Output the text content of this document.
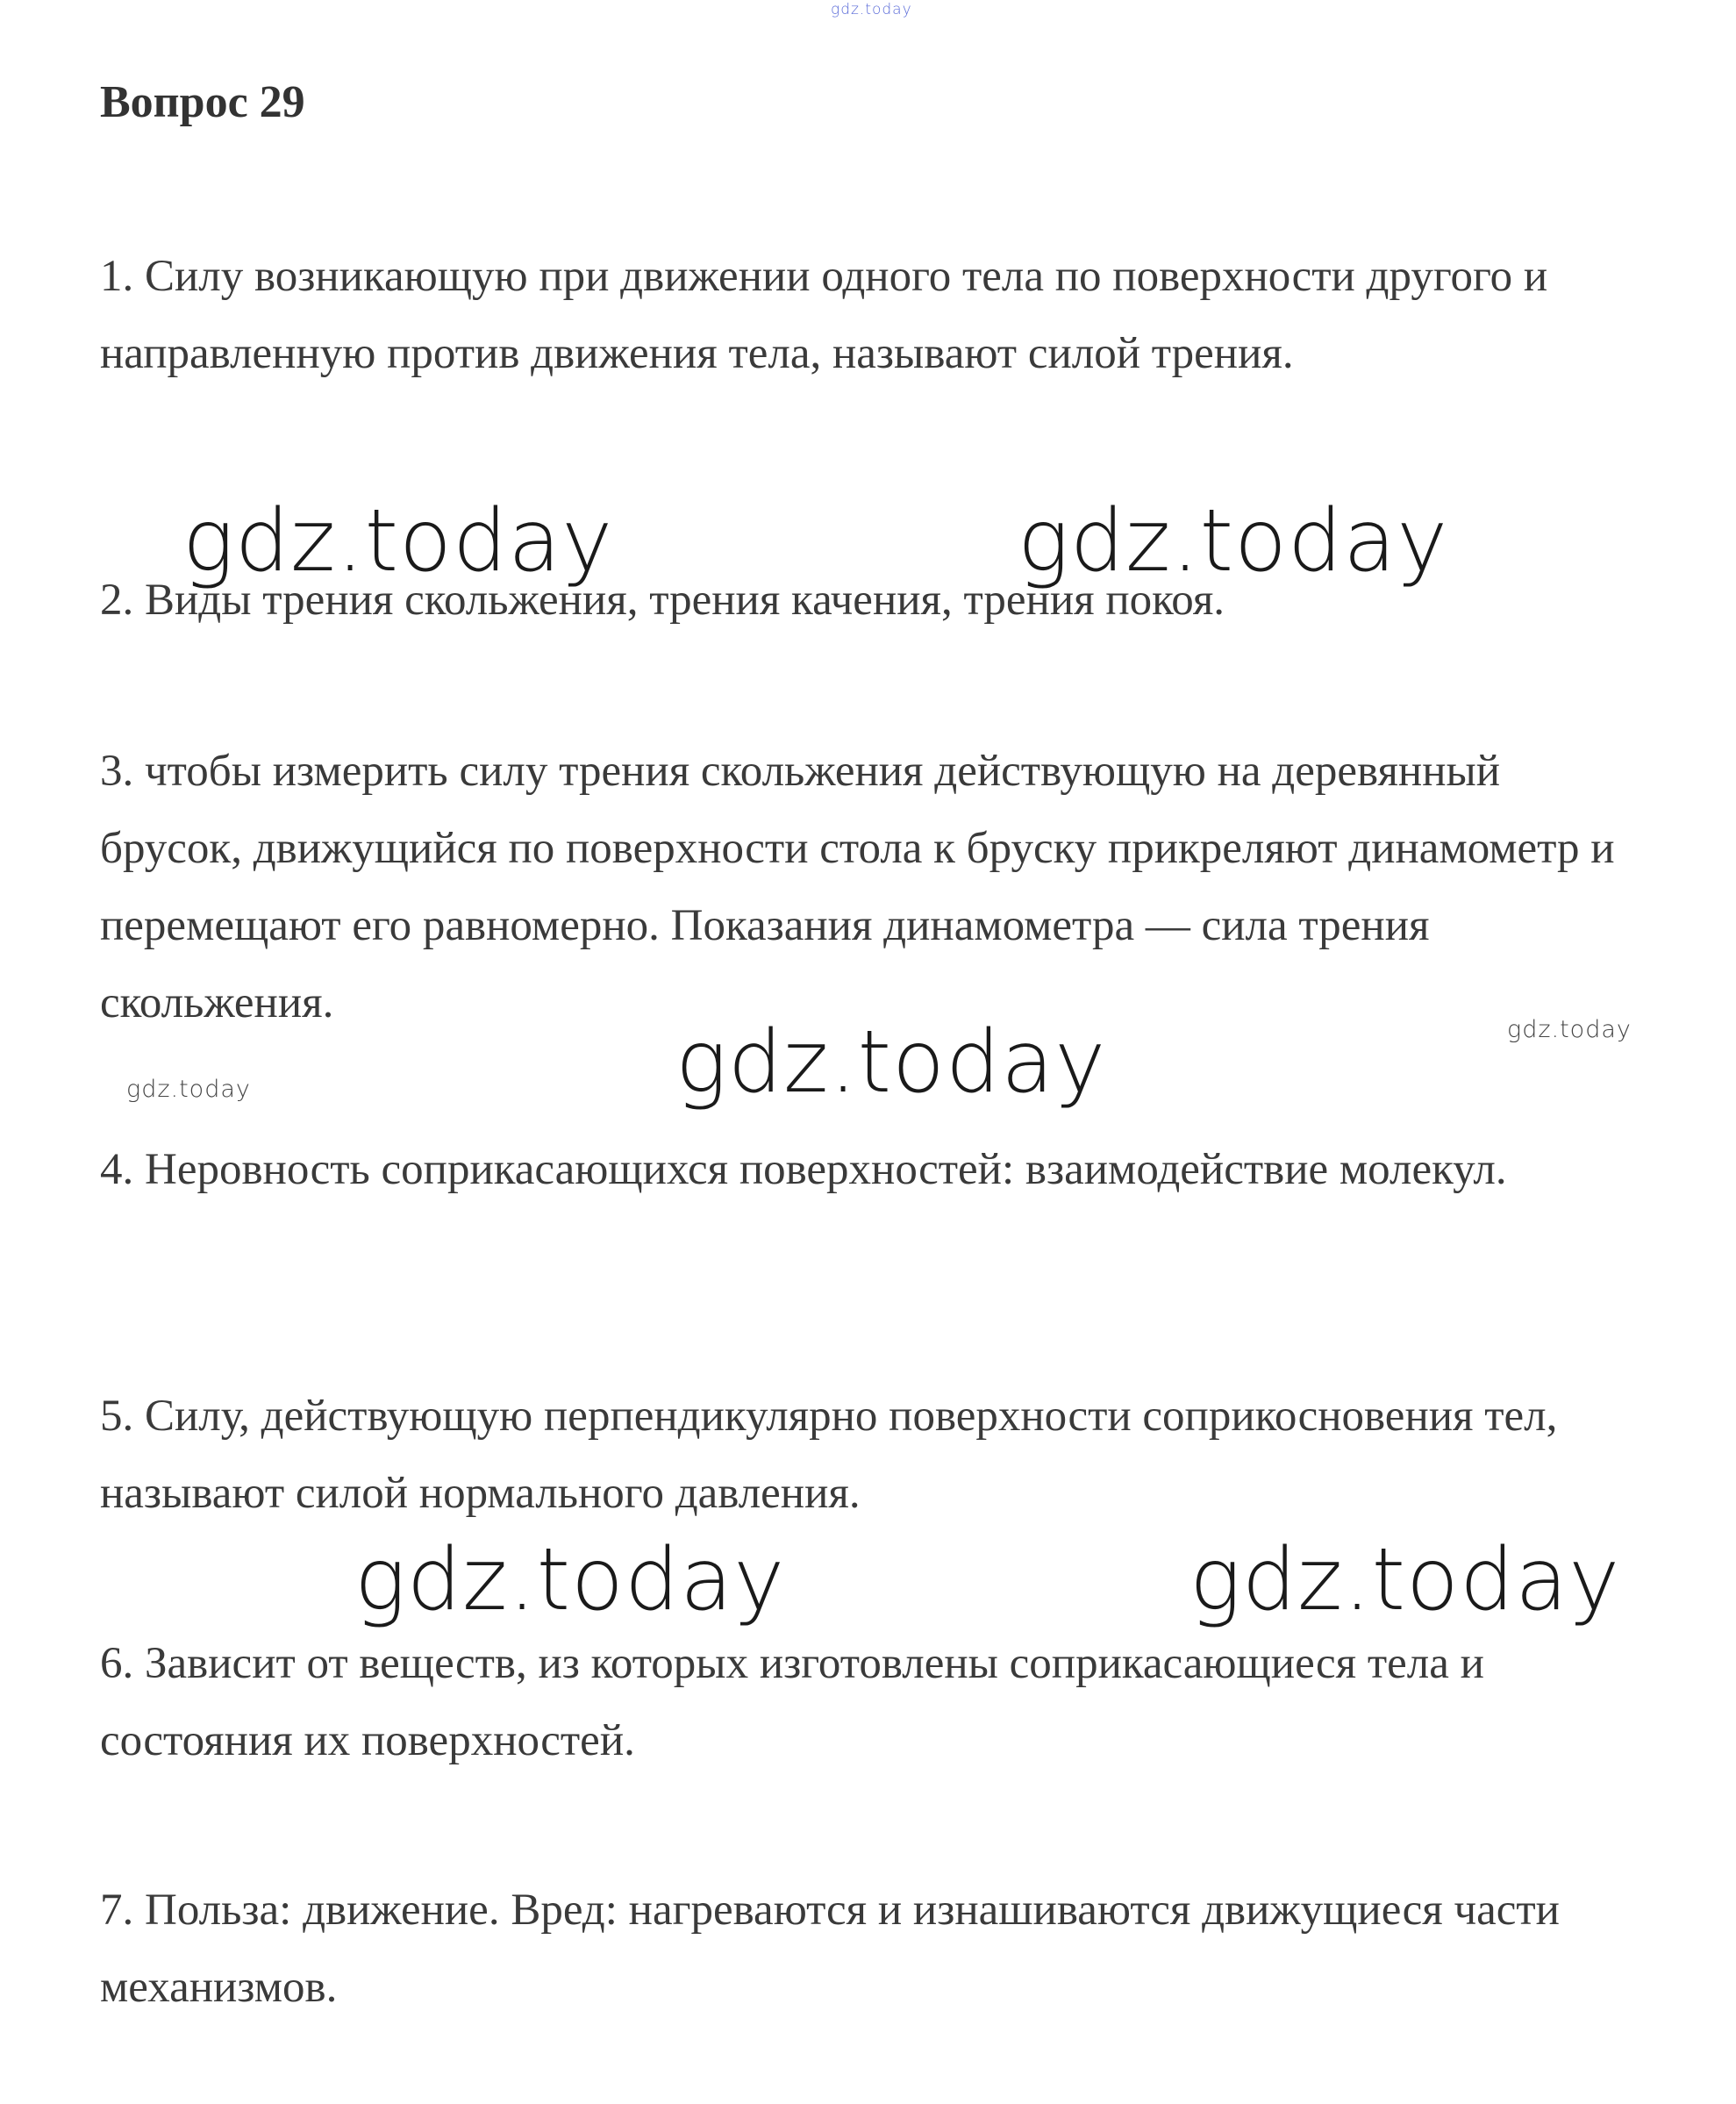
gdz.today
Вопрос 29

1. Силу возникающую при движении одного тела по поверхности другого и направленную против движения тела, называют силой трения.

2. Виды трения скольжения, трения качения, трения покоя.

3. чтобы измерить силу трения скольжения действующую на деревянный брусок, движущийся по поверхности стола к бруску прикреляют динамометр и перемещают его равномерно. Показания динамометра — сила трения скольжения.

4. Неровность соприкасающихся поверхностей: взаимодействие молекул.

5. Силу, действующую перпендикулярно поверхности соприкосновения тел, называют силой нормального давления.

6. Зависит от веществ, из которых изготовлены соприкасающиеся тела и состояния их поверхностей.

7. Польза: движение. Вред: нагреваются и изнашиваются движущиеся части механизмов.

gdz.today	gdz.today
gdz.today	gdz.today
gdz.today
gdz.today	gdz.today
